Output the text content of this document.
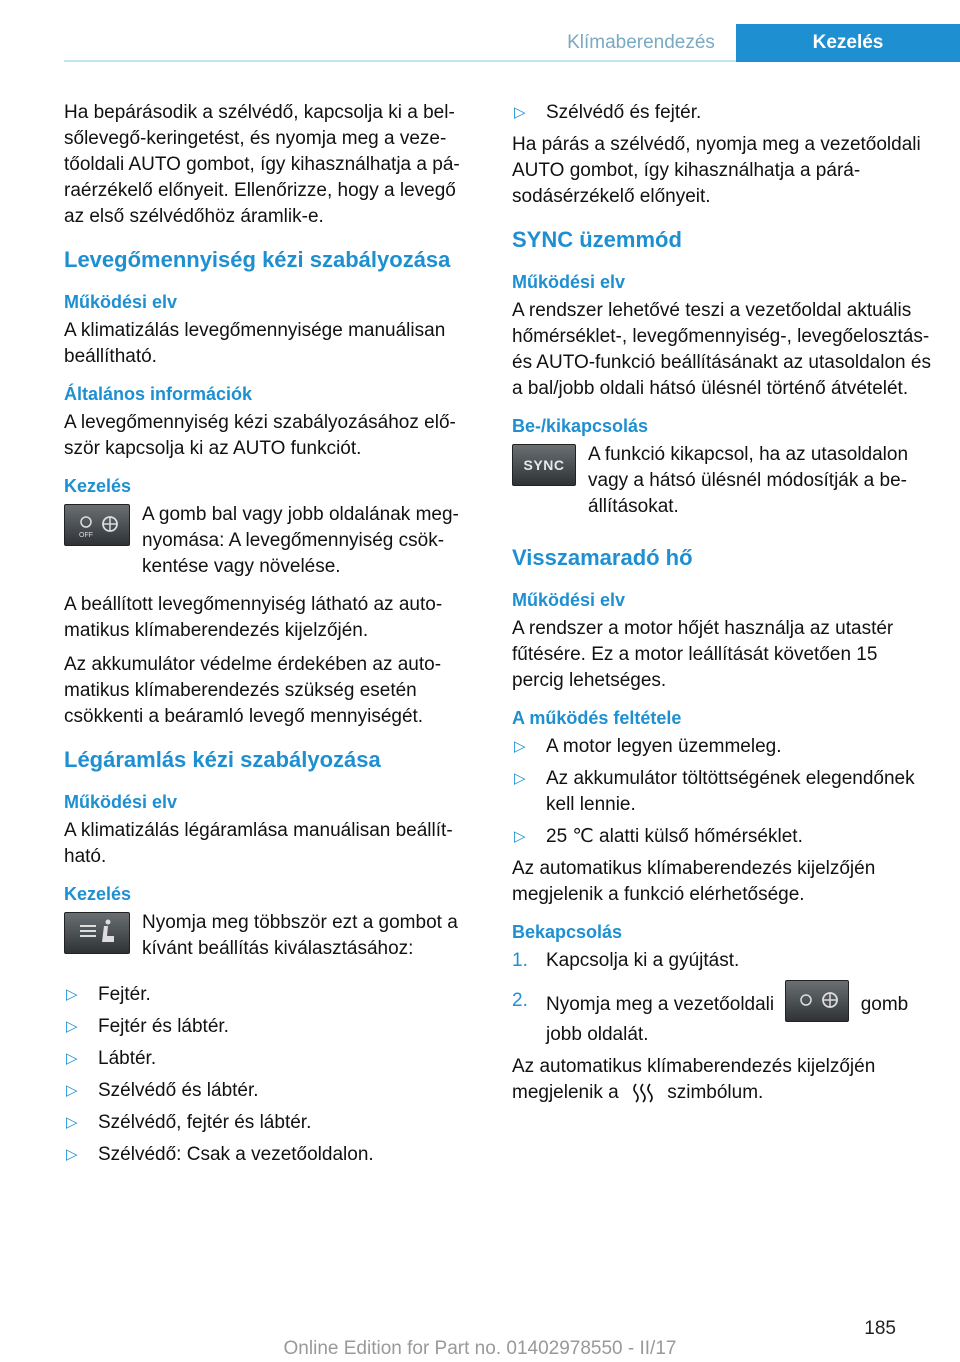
Klímaberendezés	Kezelés

Ha bepárásodik a szélvédő, kapcsolja ki a belsőlevegő-keringetést, és nyomja meg a vezetőoldali AUTO gombot, így kihasználhatja a páraérzékelő előnyeit. Ellenőrizze, hogy a levegő az első szélvédőhöz áramlik-e.

Levegőmennyiség kézi szabályozása
Működési elv

A klimatizálás levegőmennyisége manuálisan beállítható.

Általános információk

A levegőmennyiség kézi szabályozásához először kapcsolja ki az AUTO funkciót.

Kezelés
OFF
A gomb bal vagy jobb oldalának megnyomása: A levegőmennyiség csökkentése vagy növelése.

A beállított levegőmennyiség látható az automatikus klímaberendezés kijelzőjén.

Az akkumulátor védelme érdekében az automatikus klímaberendezés szükség esetén csökkenti a beáramló levegő mennyiségét.

Légáramlás kézi szabályozása
Működési elv

A klimatizálás légáramlása manuálisan beállítható.

Kezelés
Nyomja meg többször ezt a gombot a kívánt beállítás kiválasztásához:
▷ Fejtér.
▷ Fejtér és lábtér.
▷ Lábtér.
▷ Szélvédő és lábtér.
▷ Szélvédő, fejtér és lábtér.
▷ Szélvédő: Csak a vezetőoldalon.
▷ Szélvédő és fejtér.

Ha párás a szélvédő, nyomja meg a vezetőoldali AUTO gombot, így kihasználhatja a párásodásérzékelő előnyeit.

SYNC üzemmód
Működési elv

A rendszer lehetővé teszi a vezetőoldal aktuális hőmérséklet-, levegőmennyiség-, levegőelosztás- és AUTO-funkció beállításánakt az utasoldalon és a bal/jobb oldali hátsó ülésnél történő átvételét.

Be-/kikapcsolás
SYNC	A funkció kikapcsol, ha az utasoldalon vagy a hátsó ülésnél módosítják a beállításokat.
Visszamaradó hő
Működési elv

A rendszer a motor hőjét használja az utastér fűtésére. Ez a motor leállítását követően 15 percig lehetséges.

A működés feltétele
▷ A motor legyen üzemmeleg.
▷ Az akkumulátor töltöttségének elegendőnek kell lennie.
▷ 25 ℃ alatti külső hőmérséklet.

Az automatikus klímaberendezés kijelzőjén megjelenik a funkció elérhetősége.

Bekapcsolás
1. Kapcsolja ki a gyújtást.
2. Nyomja meg a vezetőoldali	gomb jobb oldalát.

Az automatikus klímaberendezés kijelzőjén megjelenik a	szimbólum.

185
Online Edition for Part no. 01402978550 - II/17
